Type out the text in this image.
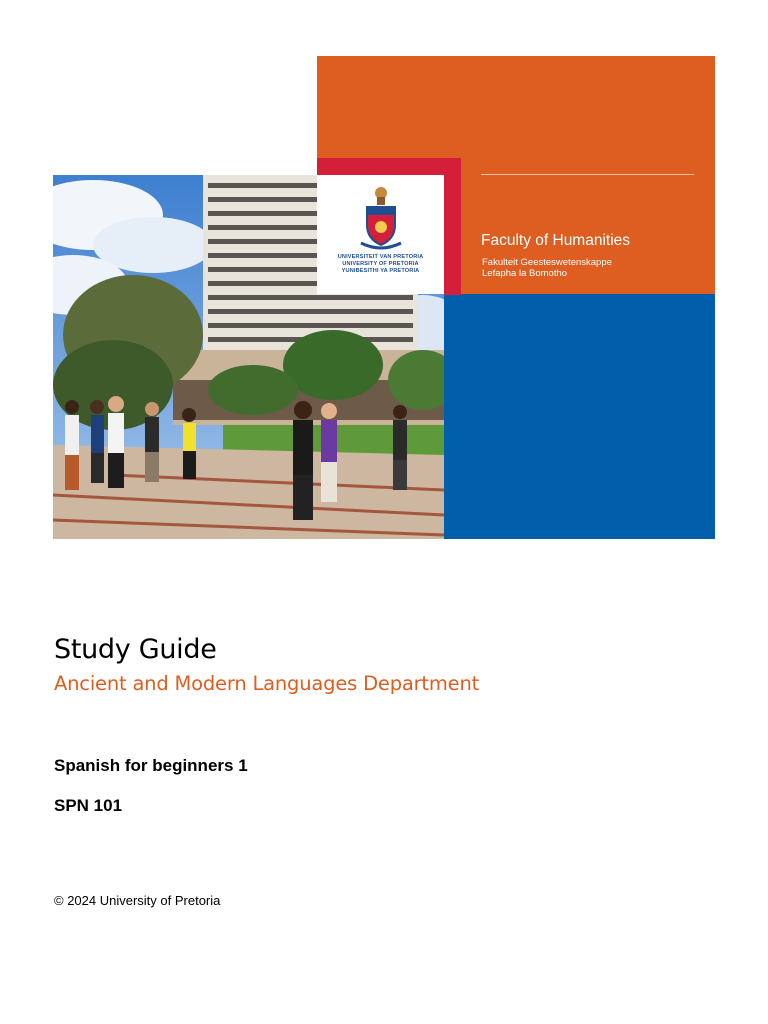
UNIVERSITEIT VAN PRETORIA
UNIVERSITY OF PRETORIA
YUNIBESITHI YA PRETORIA
Faculty of Humanities
Fakulteit Geesteswetenskappe
Lefapha la Bomotho
Study Guide
Ancient and Modern Languages Department
Spanish for beginners 1
SPN 101
© 2024 University of Pretoria
